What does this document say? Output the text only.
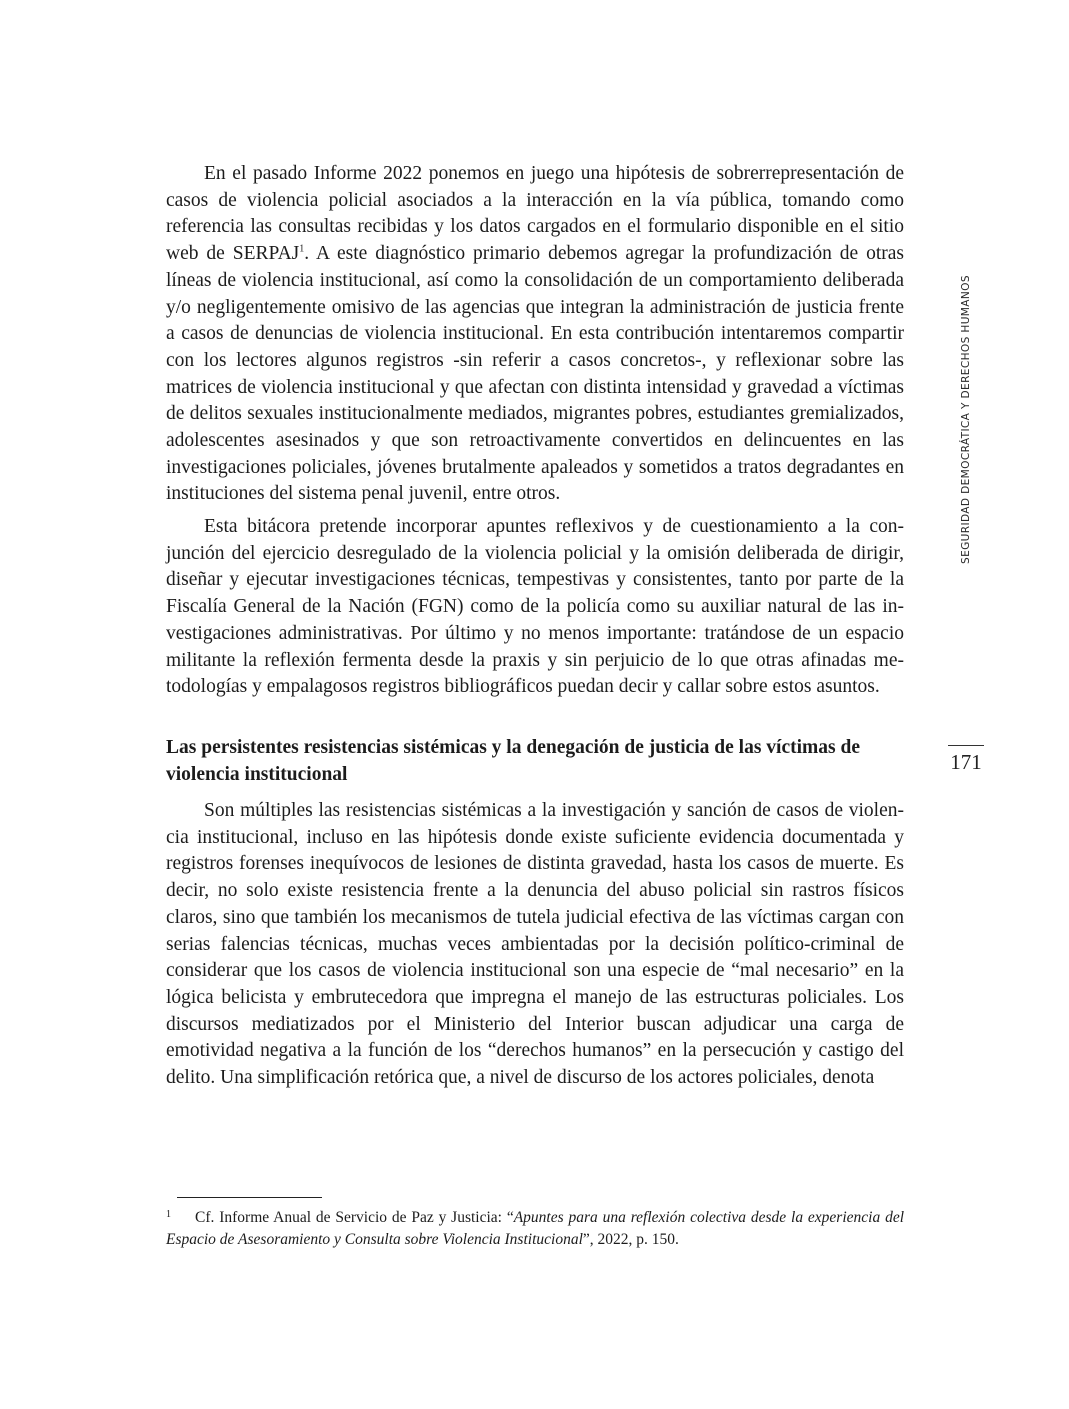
SEGURIDAD DEMOCRÁTICA Y DERECHOS HUMANOS

En el pasado Informe 2022 ponemos en juego una hipótesis de sobrerrepresentación de casos de violencia policial asociados a la interacción en la vía pública, tomando como referencia las consultas recibidas y los datos cargados en el formulario disponible en el sitio web de SERPAJ$^1$. A este diagnóstico primario debemos agregar la profundización de otras líneas de violencia institucional, así como la consolidación de un comportamiento deliberada y/o negligentemente omisivo de las agencias que integran la administración de justicia frente a casos de denuncias de violencia institucional. En esta contribución intentaremos compartir con los lectores algunos registros -sin referir a casos concretos-, y reflexionar sobre las matrices de violencia institucional y que afectan con distinta intensidad y gravedad a víctimas de delitos sexuales institucionalmente mediados, migrantes pobres, estudiantes gremializados, adolescentes asesinados y que son retroactivamente convertidos en delincuentes en las investigaciones policiales, jóvenes brutalmente apaleados y sometidos a tratos degradantes en instituciones del sistema penal juvenil, entre otros.

Esta bitácora pretende incorporar apuntes reflexivos y de cuestionamiento a la conjunción del ejercicio desregulado de la violencia policial y la omisión deliberada de dirigir, diseñar y ejecutar investigaciones técnicas, tempestivas y consistentes, tanto por parte de la Fiscalía General de la Nación (FGN) como de la policía como su auxiliar natural de las investigaciones administrativas. Por último y no menos importante: tratándose de un espacio militante la reflexión fermenta desde la praxis y sin perjuicio de lo que otras afinadas metodologías y empalagosos registros bibliográficos puedan decir y callar sobre estos asuntos.

Las persistentes resistencias sistémicas y la denegación de justicia de las víctimas de violencia institucional
171

Son múltiples las resistencias sistémicas a la investigación y sanción de casos de violencia institucional, incluso en las hipótesis donde existe suficiente evidencia documentada y registros forenses inequívocos de lesiones de distinta gravedad, hasta los casos de muerte. Es decir, no solo existe resistencia frente a la denuncia del abuso policial sin rastros físicos claros, sino que también los mecanismos de tutela judicial efectiva de las víctimas cargan con serias falencias técnicas, muchas veces ambientadas por la decisión político-criminal de considerar que los casos de violencia institucional son una especie de “mal necesario” en la lógica belicista y embrutecedora que impregna el manejo de las estructuras policiales. Los discursos mediatizados por el Ministerio del Interior buscan adjudicar una carga de emotividad negativa a la función de los “derechos humanos” en la persecución y castigo del delito. Una simplificación retórica que, a nivel de discurso de los actores policiales, denota

1 Cf. Informe Anual de Servicio de Paz y Justicia: “Apuntes para una reflexión colectiva desde la experiencia del Espacio de Asesoramiento y Consulta sobre Violencia Institucional”, 2022, p. 150.
